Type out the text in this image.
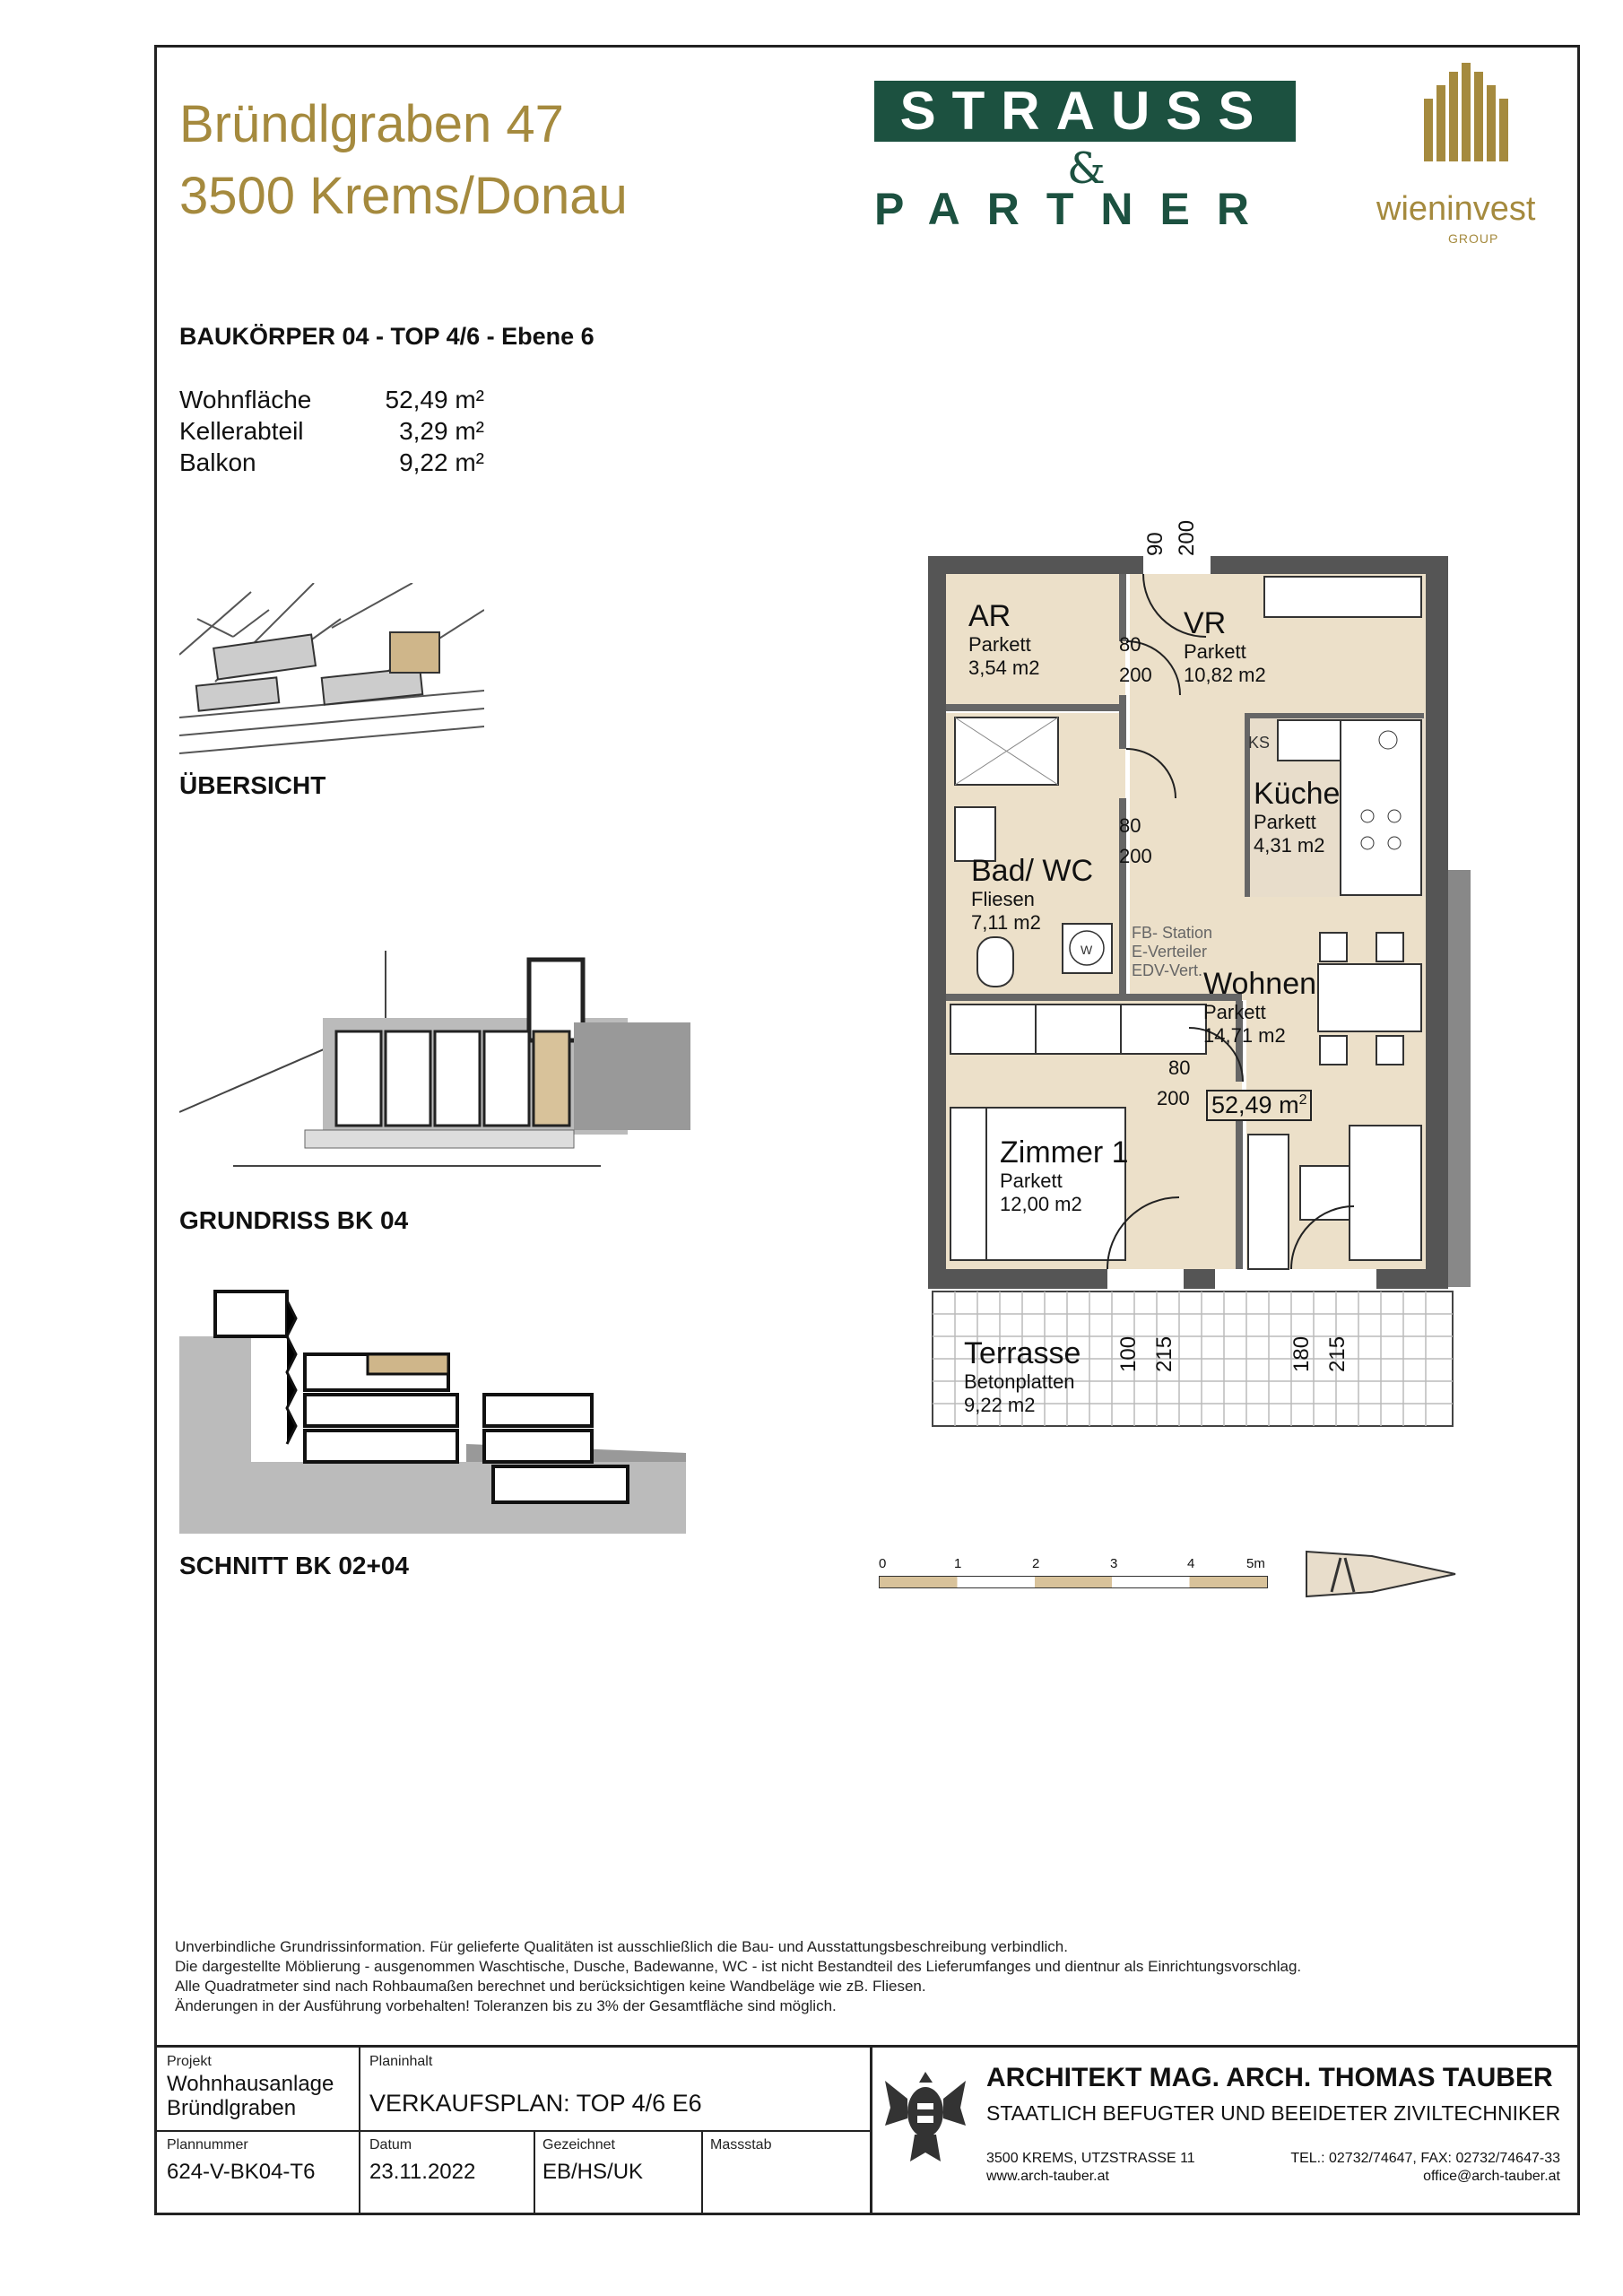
Bründlgraben 47
3500 Krems/Donau
STRAUSS
&
PARTNER	wieninvest
GROUP
BAUKÖRPER 04 - TOP 4/6 - Ebene 6
Wohnfläche	52,49 m²
Kellerabteil	3,29 m²
Balkon	9,22 m²
ÜBERSICHT
GRUNDRISS BK 04
SCHNITT BK 02+04
W
AR
Parkett
3,54 m2
VR
Parkett
10,82 m2
KS
Küche
Parkett
4,31 m2
Bad/ WC
Fliesen
7,11 m2	FB- Station
E-Verteiler
EDV-Vert. Wohnen
Parkett
14,71 m2
52,49 $m^2$
Zimmer 1
Parkett
12,00 m2
Terrasse
Betonplatten
9,22 m2
90 200
80
200
80
200
80
200
100 215	180 215
0	1	2	3	4	5m
Unverbindliche Grundrissinformation. Für gelieferte Qualitäten ist ausschließlich die Bau- und Ausstattungsbeschreibung verbindlich.
Die dargestellte Möblierung - ausgenommen Waschtische, Dusche, Badewanne, WC - ist nicht Bestandteil des Lieferumfanges und dientnur als Einrichtungsvorschlag.
Alle Quadratmeter sind nach Rohbaumaßen berechnet und berücksichtigen keine Wandbeläge wie zB. Fliesen.
Änderungen in der Ausführung vorbehalten! Toleranzen bis zu 3% der Gesamtfläche sind möglich.
Projekt
Wohnhausanlage
Bründlgraben
Planinhalt
VERKAUFSPLAN: TOP 4/6 E6
Plannummer
624-V-BK04-T6
Datum
23.11.2022
Gezeichnet
EB/HS/UK
Massstab
ARCHITEKT MAG. ARCH. THOMAS TAUBER
STAATLICH BEFUGTER UND BEEIDETER ZIVILTECHNIKER
3500 KREMS, UTZSTRASSE 11
www.arch-tauber.at
TEL.: 02732/74647, FAX: 02732/74647-33
office@arch-tauber.at
